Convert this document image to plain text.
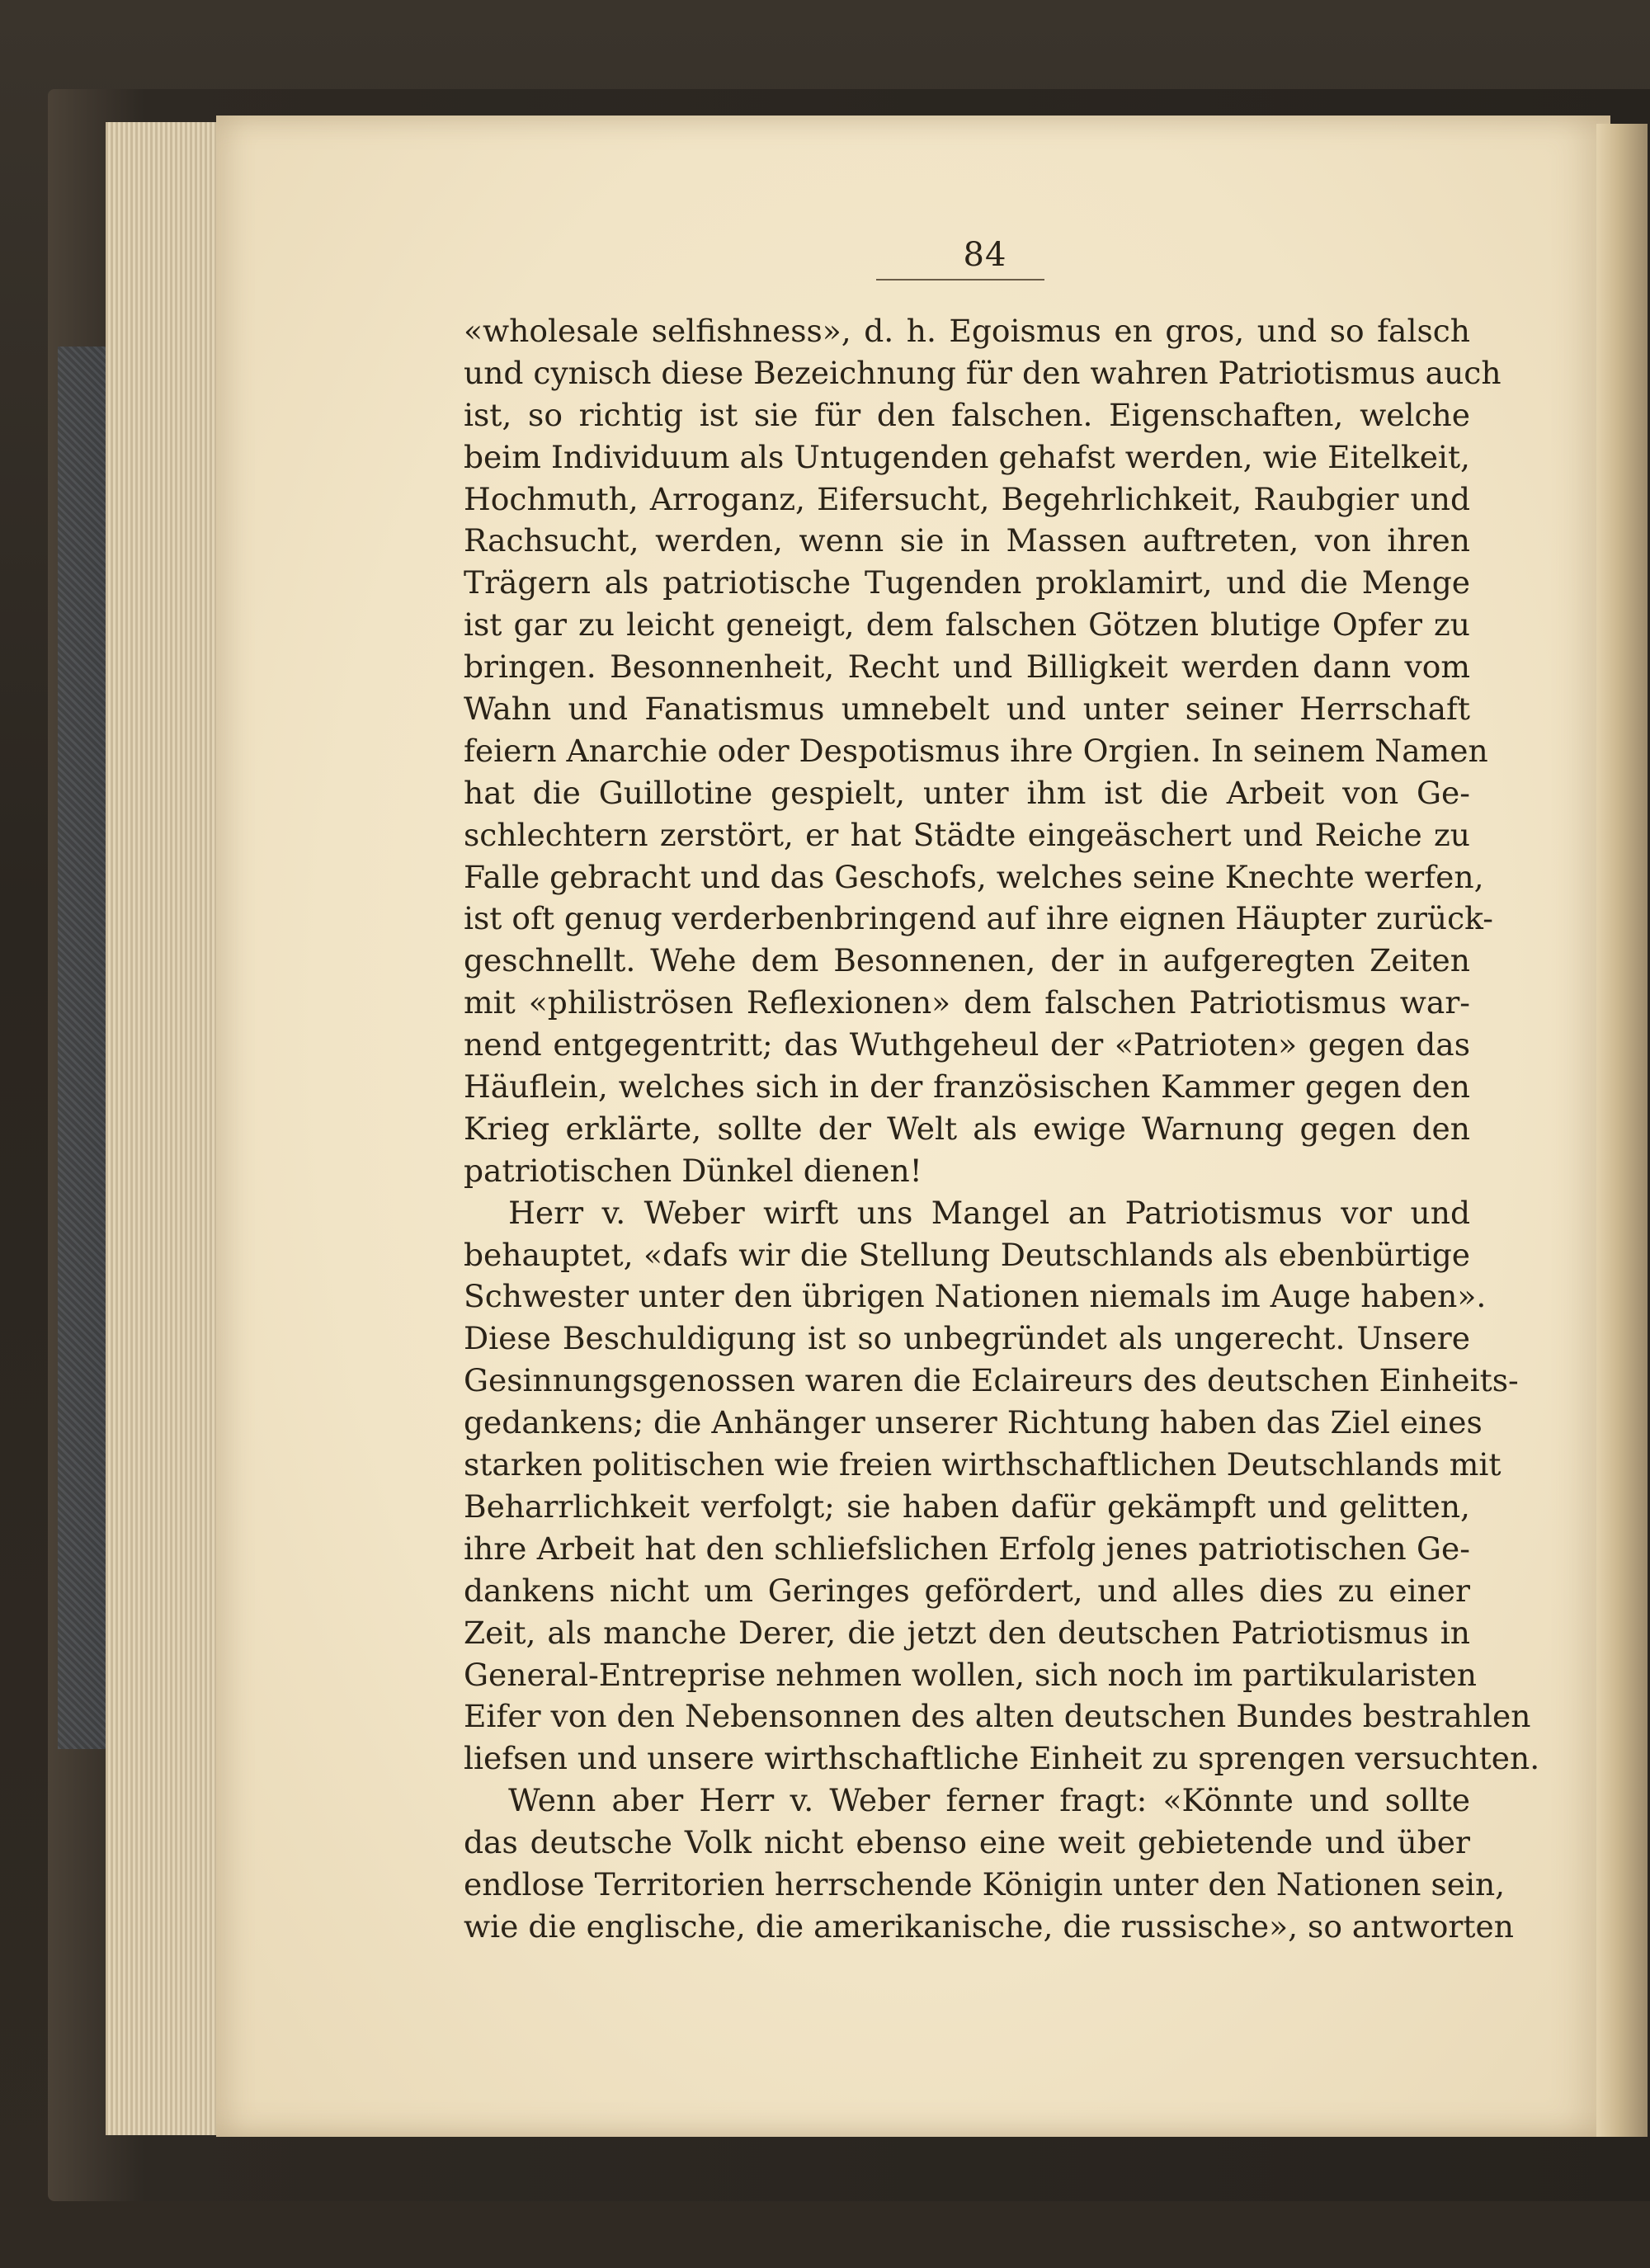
84
«wholesale selfishness», d. h. Egoismus en gros, und so falsch
und cynisch diese Bezeichnung für den wahren Patriotismus auch
ist, so richtig ist sie für den falschen. Eigenschaften, welche
beim Individuum als Untugenden gehafst werden, wie Eitelkeit,
Hochmuth, Arroganz, Eifersucht, Begehrlichkeit, Raubgier und
Rachsucht, werden, wenn sie in Massen auftreten, von ihren
Trägern als patriotische Tugenden proklamirt, und die Menge
ist gar zu leicht geneigt, dem falschen Götzen blutige Opfer zu
bringen. Besonnenheit, Recht und Billigkeit werden dann vom
Wahn und Fanatismus umnebelt und unter seiner Herrschaft
feiern Anarchie oder Despotismus ihre Orgien. In seinem Namen
hat die Guillotine gespielt, unter ihm ist die Arbeit von Ge-
schlechtern zerstört, er hat Städte eingeäschert und Reiche zu
Falle gebracht und das Geschofs, welches seine Knechte werfen,
ist oft genug verderbenbringend auf ihre eignen Häupter zurück-
geschnellt. Wehe dem Besonnenen, der in aufgeregten Zeiten
mit «philiströsen Reflexionen» dem falschen Patriotismus war-
nend entgegentritt; das Wuthgeheul der «Patrioten» gegen das
Häuflein, welches sich in der französischen Kammer gegen den
Krieg erklärte, sollte der Welt als ewige Warnung gegen den
patriotischen Dünkel dienen!
Herr v. Weber wirft uns Mangel an Patriotismus vor und
behauptet, «dafs wir die Stellung Deutschlands als ebenbürtige
Schwester unter den übrigen Nationen niemals im Auge haben».
Diese Beschuldigung ist so unbegründet als ungerecht. Unsere
Gesinnungsgenossen waren die Eclaireurs des deutschen Einheits-
gedankens; die Anhänger unserer Richtung haben das Ziel eines
starken politischen wie freien wirthschaftlichen Deutschlands mit
Beharrlichkeit verfolgt; sie haben dafür gekämpft und gelitten,
ihre Arbeit hat den schliefslichen Erfolg jenes patriotischen Ge-
dankens nicht um Geringes gefördert, und alles dies zu einer
Zeit, als manche Derer, die jetzt den deutschen Patriotismus in
General-Entreprise nehmen wollen, sich noch im partikularisten
Eifer von den Nebensonnen des alten deutschen Bundes bestrahlen
liefsen und unsere wirthschaftliche Einheit zu sprengen versuchten.
Wenn aber Herr v. Weber ferner fragt: «Könnte und sollte
das deutsche Volk nicht ebenso eine weit gebietende und über
endlose Territorien herrschende Königin unter den Nationen sein,
wie die englische, die amerikanische, die russische», so antworten
